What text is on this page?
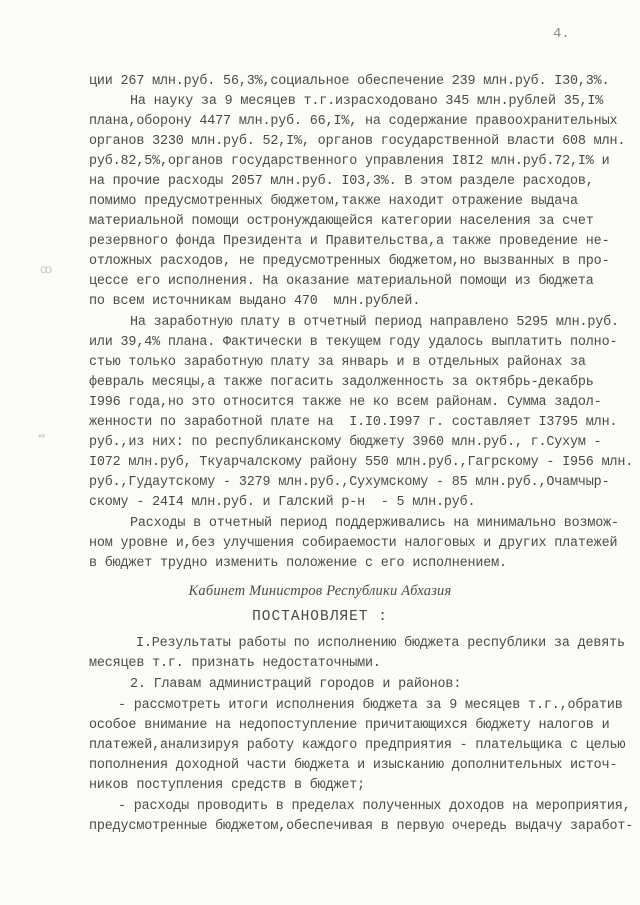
4.
ꝏ
↭
ции 267 млн.руб. 56,3%,социальное обеспечение 239 млн.руб. I30,3%.
На науку за 9 месяцев т.г.израсходовано 345 млн.рублей 35,I%
плана,оборону 4477 млн.руб. 66,I%, на содержание правоохранительных
органов 3230 млн.руб. 52,I%, органов государственной власти 608 млн.
руб.82,5%,органов государственного управления I8I2 млн.руб.72,I% и
на прочие расходы 2057 млн.руб. I03,3%. В этом разделе расходов,
помимо предусмотренных бюджетом,также находит отражение выдача
материальной помощи остронуждающейся категории населения за счет
резервного фонда Президента и Правительства,а также проведение не-
отложных расходов, не предусмотренных бюджетом,но вызванных в про-
цессе его исполнения. На оказание материальной помощи из бюджета
по всем источникам выдано 470  млн.рублей.
На заработную плату в отчетный период направлено 5295 млн.руб.
или 39,4% плана. Фактически в текущем году удалось выплатить полно-
стью только заработную плату за январь и в отдельных районах за
февраль месяцы,а также погасить задолженность за октябрь-декабрь
I996 года,но это относится также не ко всем районам. Сумма задол-
женности по заработной плате на  I.I0.I997 г. составляет I3795 млн.
руб.,из них: по республиканскому бюджету 3960 млн.руб., г.Сухум -
I072 млн.руб, Ткуарчалскому району 550 млн.руб.,Гагрскому - I956 млн.
руб.,Гудаутскому - 3279 млн.руб.,Сухумскому - 85 млн.руб.,Очамчыр-
скому - 24I4 млн.руб. и Галский р-н  - 5 млн.руб.
Расходы в отчетный период поддерживались на минимально возмож-
ном уровне и,без улучшения собираемости налоговых и других платежей
в бюджет трудно изменить положение с его исполнением.
Кабинет Министров Республики Абхазия
ПОСТАНОВЛЯЕТ :
I.Результаты работы по исполнению бюджета республики за девять
месяцев т.г. признать недостаточными.
2. Главам администраций городов и районов:
- рассмотреть итоги исполнения бюджета за 9 месяцев т.г.,обратив
особое внимание на недопоступление причитающихся бюджету налогов и
платежей,анализируя работу каждого предприятия - плательщика с целью
пополнения доходной части бюджета и изысканию дополнительных источ-
ников поступления средств в бюджет;
- расходы проводить в пределах полученных доходов на мероприятия,
предусмотренные бюджетом,обеспечивая в первую очередь выдачу заработ-
